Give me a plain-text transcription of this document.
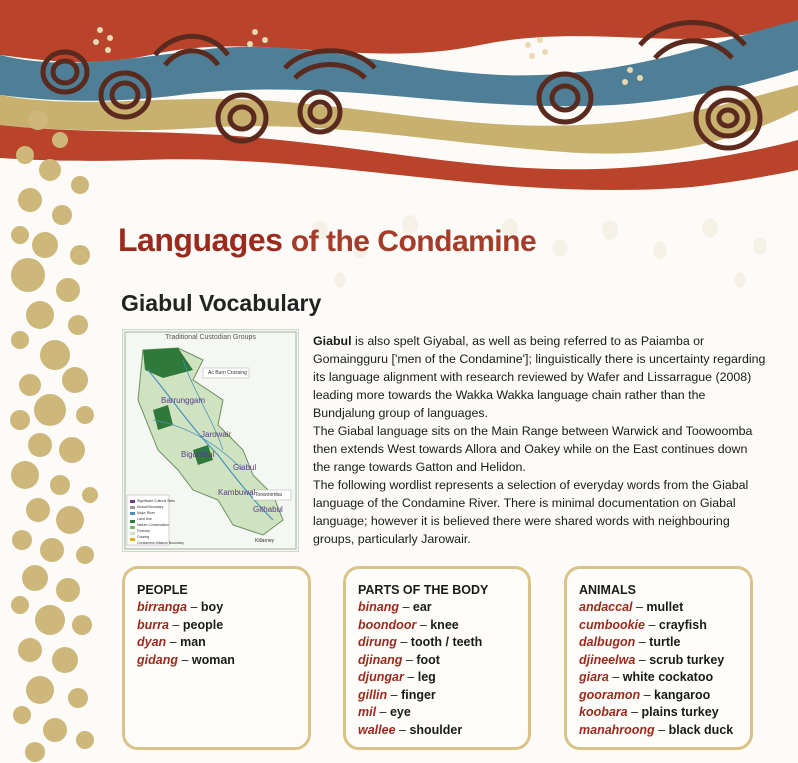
Languages of the Condamine
Giabul Vocabulary
Traditional Custodian Groups
Ac Burn Crossing
Toowoomba
Killarney
Barrunggam
Jarowair
Giabul
Bigambul
Kambuwal
Githabul
Significant Cultural Sites
Mutual Boundary
Major River
Land Use
Nature Conservation
Forestry
Grazing
Condamine Alliance Boundary
Giabul is also spelt Giyabal, as well as being referred to as Paiamba or Gomaingguru ['men of the Condamine']; linguistically there is uncertainty regarding its language alignment with research reviewed by Wafer and Lissarrague (2008) leading more towards the Wakka Wakka language chain rather than the Bundjalung group of languages.
The Giabal language sits on the Main Range between Warwick and Toowoomba then extends West towards Allora and Oakey while on the East continues down the range towards Gatton and Helidon.
The following wordlist represents a selection of everyday words from the Giabal language of the Condamine River. There is minimal documentation on Giabal language; however it is believed there were shared words with neighbouring groups, particularly Jarowair.
PEOPLE
birranga – boy
burra – people
dyan – man
gidang – woman
PARTS OF THE BODY
binang – ear
boondoor – knee
dirung – tooth / teeth
djinang – foot
djungar – leg
gillin – finger
mil – eye
wallee – shoulder
ANIMALS
andaccal – mullet
cumbookie – crayfish
dalbugon – turtle
djineelwa – scrub turkey
giara – white cockatoo
gooramon – kangaroo
koobara – plains turkey
manahroong – black duck
